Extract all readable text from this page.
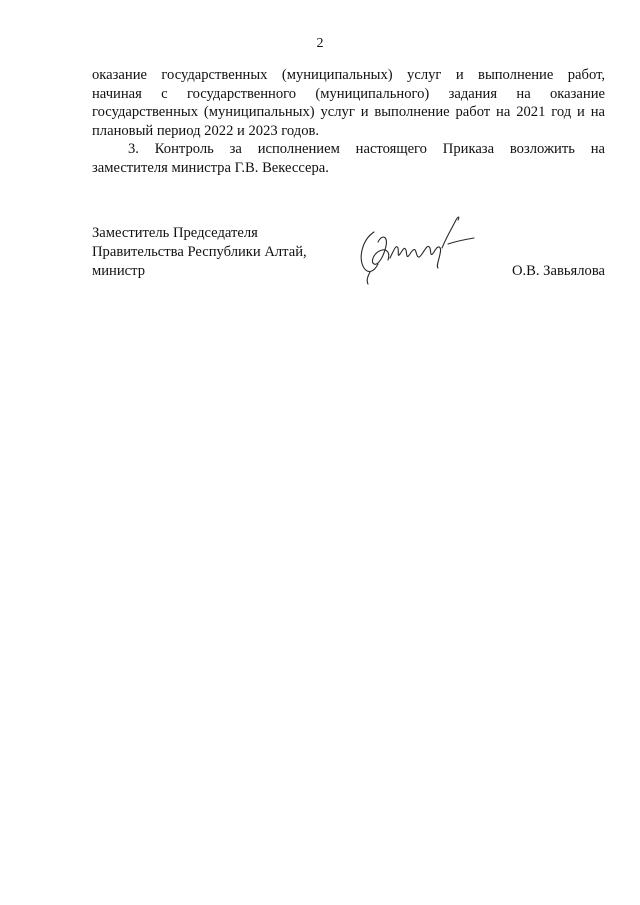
2
оказание государственных (муниципальных) услуг и выполнение работ,
начиная с государственного (муниципального) задания на оказание
государственных (муниципальных) услуг и выполнение работ на 2021 год и на
плановый период 2022 и 2023 годов.
3. Контроль за исполнением настоящего Приказа возложить на
заместителя министра Г.В. Векессера.
Заместитель Председателя
Правительства Республики Алтай,
министр	О.В. Завьялова
